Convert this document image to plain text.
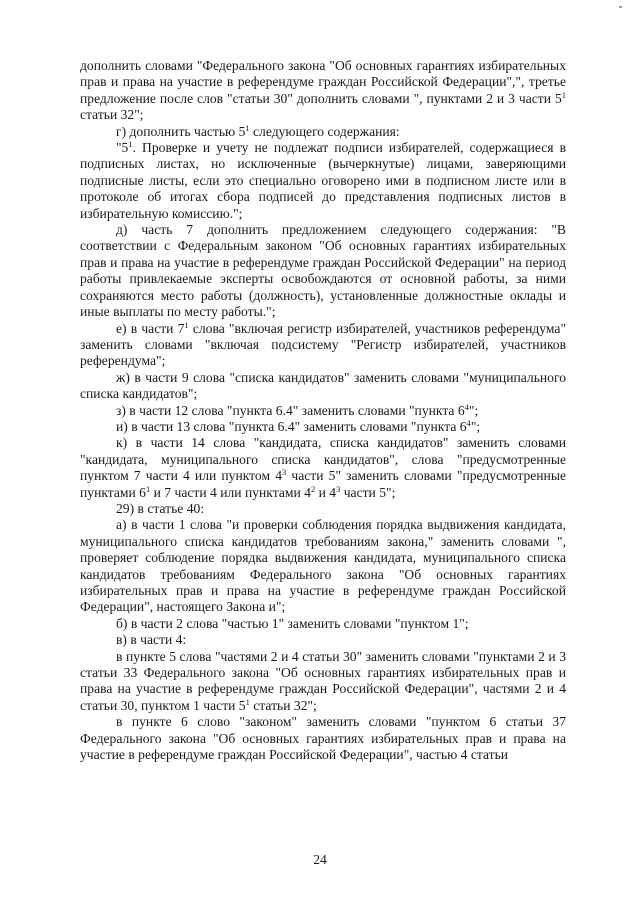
дополнить словами "Федерального закона "Об основных гарантиях избирательных прав и права на участие в референдуме граждан Российской Федерации",", третье предложение после слов "статьи 30" дополнить словами ", пунктами 2 и 3 части $5^1$ статьи 32";

г) дополнить частью $5^1$ следующего содержания:

"$5^1$. Проверке и учету не подлежат подписи избирателей, содержащиеся в подписных листах, но исключенные (вычеркнутые) лицами, заверяющими подписные листы, если это специально оговорено ими в подписном листе или в протоколе об итогах сбора подписей до представления подписных листов в избирательную комиссию.";

д) часть 7 дополнить предложением следующего содержания: "В соответствии с Федеральным законом "Об основных гарантиях избирательных прав и права на участие в референдуме граждан Российской Федерации" на период работы привлекаемые эксперты освобождаются от основной работы, за ними сохраняются место работы (должность), установленные должностные оклады и иные выплаты по месту работы.";

е) в части $7^1$ слова "включая регистр избирателей, участников референдума" заменить словами "включая подсистему "Регистр избирателей, участников референдума";

ж) в части 9 слова "списка кандидатов" заменить словами "муниципального списка кандидатов";

з) в части 12 слова "пункта 6.4" заменить словами "пункта $6^4$";

и) в части 13 слова "пункта 6.4" заменить словами "пункта $6^4$";

к) в части 14 слова "кандидата, списка кандидатов" заменить словами "кандидата, муниципального списка кандидатов", слова "предусмотренные пунктом 7 части 4 или пунктом $4^3$ части 5" заменить словами "предусмотренные пунктами $6^1$ и 7 части 4 или пунктами $4^2$ и $4^3$ части 5";

29) в статье 40:

а) в части 1 слова "и проверки соблюдения порядка выдвижения кандидата, муниципального списка кандидатов требованиям закона," заменить словами ", проверяет соблюдение порядка выдвижения кандидата, муниципального списка кандидатов требованиям Федерального закона "Об основных гарантиях избирательных прав и права на участие в референдуме граждан Российской Федерации", настоящего Закона и";

б) в части 2 слова "частью 1" заменить словами "пунктом 1";

в) в части 4:

в пункте 5 слова "частями 2 и 4 статьи 30" заменить словами "пунктами 2 и 3 статьи 33 Федерального закона "Об основных гарантиях избирательных прав и права на участие в референдуме граждан Российской Федерации", частями 2 и 4 статьи 30, пунктом 1 части $5^1$ статьи 32";

в пункте 6 слово "законом" заменить словами "пунктом 6 статьи 37 Федерального закона "Об основных гарантиях избирательных прав и права на участие в референдуме граждан Российской Федерации", частью 4 статьи

24
